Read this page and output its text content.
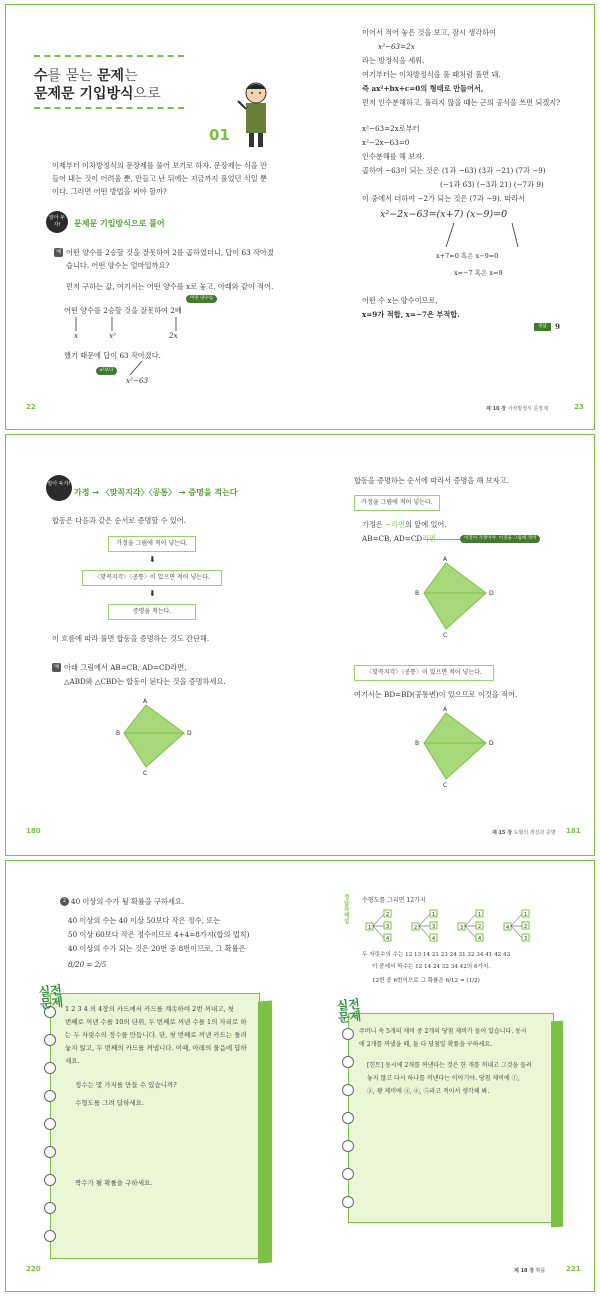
수를 묻는 문제는
문제문 기입방식으로
01
이제부터 이차방정식의 문장제를 풀어 보기로 하자. 문장제는 식을 만
들어 내는 것이 어려울 뿐, 만들고 난 뒤에는 지금까지 풀었던 식일 뿐
이다. 그러면 어떤 방법을 써야 할까?
알아 두자!	문제문 기입방식으로 풀어
예 어떤 양수를 2승할 것을 잘못하여 2를 곱하였더니, 답이 63 작아졌
습니다. 어떤 양수는 얼마일까요?
먼저 구하는 값, 여기서는 어떤 양수를 x로 놓고, 아래와 같이 적어.
어떤 양수를
어떤 양수를 2승할 것을 잘못하여 2배
x	x²	2x
했기 때문에 답이 63 작아졌다.
x²보다
x²−63
이어서 적어 놓은 것을 보고, 잠시 생각하여
x²−63=2x
라는 방정식을 세워.
여기부터는 이차방정식을 풀 때처럼 풀면 돼.
즉 ax²+bx+c=0의 형태로 만들어서,
먼저 인수분해하고, 풀리지 않을 때는 근의 공식을 쓰면 되겠지?
x²−63=2x로부터
x²−2x−63=0
인수분해를 해 보자.
곱하여 −63이 되는 것은 (1과 −63) (3과 −21) (7과 −9)
(−1과 63) (−3과 21) (−7과 9)
이 중에서 더하여 −2가 되는 것은 (7과 −9). 따라서
x²−2x−63=(x+7) (x−9)=0
x+7=0 혹은 x−9=0
x=−7 혹은 x=9
어떤 수 x는 양수이므로,
x=9가 적합, x=−7은 부적합.
정답	9
22	제 10 장 이차방정식 문장제	23
알아 두자!
가정 → 〈맞꼭지각〉〈공통〉 → 증명을 적는다
합동은 다음과 같은 순서로 증명할 수 있어.
가정을 그림에 적어 넣는다.
⬇
〈맞꼭지각〉〈공통〉이 있으면 적어 넣는다.
⬇
증명을 적는다.
이 흐름에 따라 풀면 합동을 증명하는 것도 간단해.
예 아래 그림에서 AB=CB, AD=CD라면,
△ABD와 △CBD는 합동이 된다는 것을 증명하세요.
A
B	D
C
합동을 증명하는 순서에 따라서 증명을 해 보자고.
가정을 그림에 적어 넣는다.
가정은 ~라면의 앞에 있어.
AB=CB, AD=CD라면	이것이 가정이야. 이것을 그림에 적어
A
B	D
C
〈맞꼭지각〉〈공통〉이 있으면 적어 넣는다.
여기서는 BD=BD(공통변)이 있으므로 이것을 적어.
A
B	D
C
180	제 15 장 도형의 개선과 증명 181
2 40 이상의 수가 될 확률을 구하세요.
40 이상의 수는 40 이상 50보다 작은 정수, 또는
50 이상 60보다 작은 정수이므로 4+4=8가지(합의 법칙)
40 이상의 수가 되는 것은 20번 중 8번이므로, 그 확률은
8/20 = 2/5
1 2 3 4 의 4장의 카드에서 카드를 계속하여 2번 꺼내고, 첫
번째로 꺼낸 수를 10의 단위, 두 번째로 꺼낸 수를 1의 자리로 하
는 두 자릿수의 정수를 만듭니다. 단, 첫 번째로 꺼낸 카드는 돌려
놓지 않고, 두 번째의 카드를 꺼냅니다. 이때, 아래의 물음에 답하
세요.
정수는 몇 가지를 만들 수 있습니까?
수형도를 그려 답하세요.
짝수가 될 확률을 구하세요.
실전
문제
정답과 해설
수형도를 그리면 12가지
1
2
3
4
2
1
3
4
3
1
2
4
4
1
2
3
두 자릿수의 수는 12 13 14 21 23 24 31 32 34 41 42 43
이 중에서 짝수는 12 14 24 32 34 42의 6가지.
12번 중 6번이므로 그 확률은 6/12 = (1/2)
주머니 속 5개의 제비 중 2개의 당첨 제비가 들어 있습니다. 동시
에 2개를 꺼냈을 때, 둘 다 당첨일 확률을 구하세요.
[힌트] 동시에 2개를 꺼낸다는 것은 한 개를 꺼내고 그것을 돌려
놓지 않고 다시 하나를 꺼낸다는 이야기야. 당첨 제비에 ①,
②, 꽝 제비에 ③, ④, ⑤라고 적어서 생각해 봐.
실전
문제
220	제 18 장 확률	221
